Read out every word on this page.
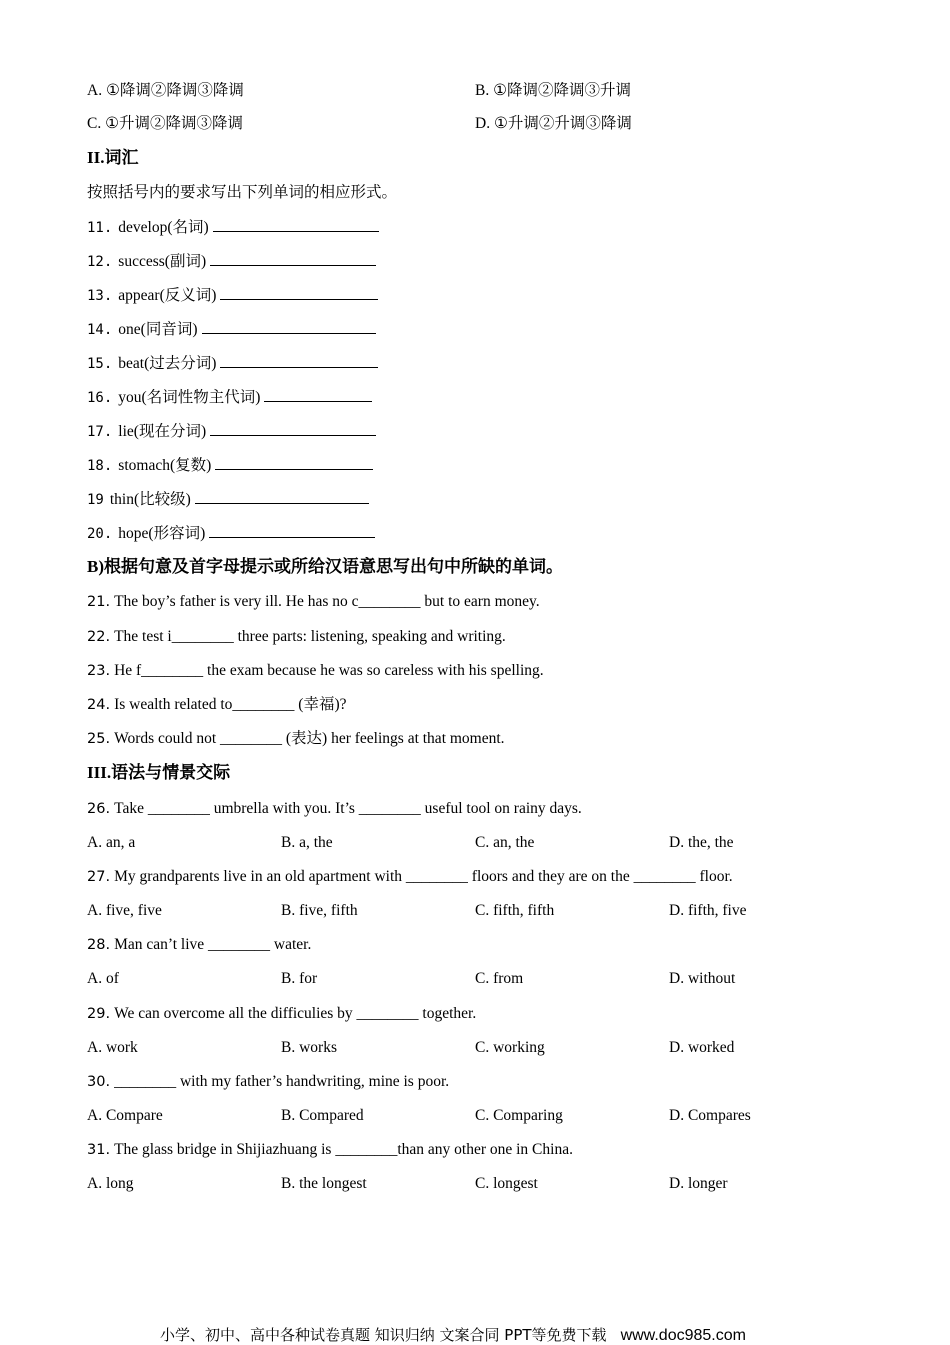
A. ①降调②降调③降调	B. ①降调②降调③升调
C. ①升调②降调③降调	D. ①升调②升调③降调
II.词汇
按照括号内的要求写出下列单词的相应形式。
11. develop(名词)
12. success(副词)
13. appear(反义词)
14. one(同音词)
15. beat(过去分词)
16. you(名词性物主代词)
17. lie(现在分词)
18. stomach(复数)
19 thin(比较级)
20. hope(形容词)
B)根据句意及首字母提示或所给汉语意思写出句中所缺的单词。
21. The boy’s father is very ill. He has no c________ but to earn money.
22. The test i________ three parts: listening, speaking and writing.
23. He f________ the exam because he was so careless with his spelling.
24. Is wealth related to________ (幸福)?
25. Words could not ________ (表达) her feelings at that moment.
III.语法与情景交际
26. Take ________ umbrella with you. It’s ________ useful tool on rainy days.
A. an, a	B. a, the	C. an, the	D. the, the
27. My grandparents live in an old apartment with ________ floors and they are on the ________ floor.
A. five, five	B. five, fifth	C. fifth, fifth	D. fifth, five
28. Man can’t live ________ water.
A. of	B. for	C. from	D. without
29. We can overcome all the difficulies by ________ together.
A. work	B. works	C. working	D. worked
30. ________ with my father’s handwriting, mine is poor.
A. Compare	B. Compared	C. Comparing	D. Compares
31. The glass bridge in Shijiazhuang is ________than any other one in China.
A. long	B. the longest	C. longest	D. longer
小学、初中、高中各种试卷真题 知识归纳 文案合同 PPT等免费下载 www.doc985.com
